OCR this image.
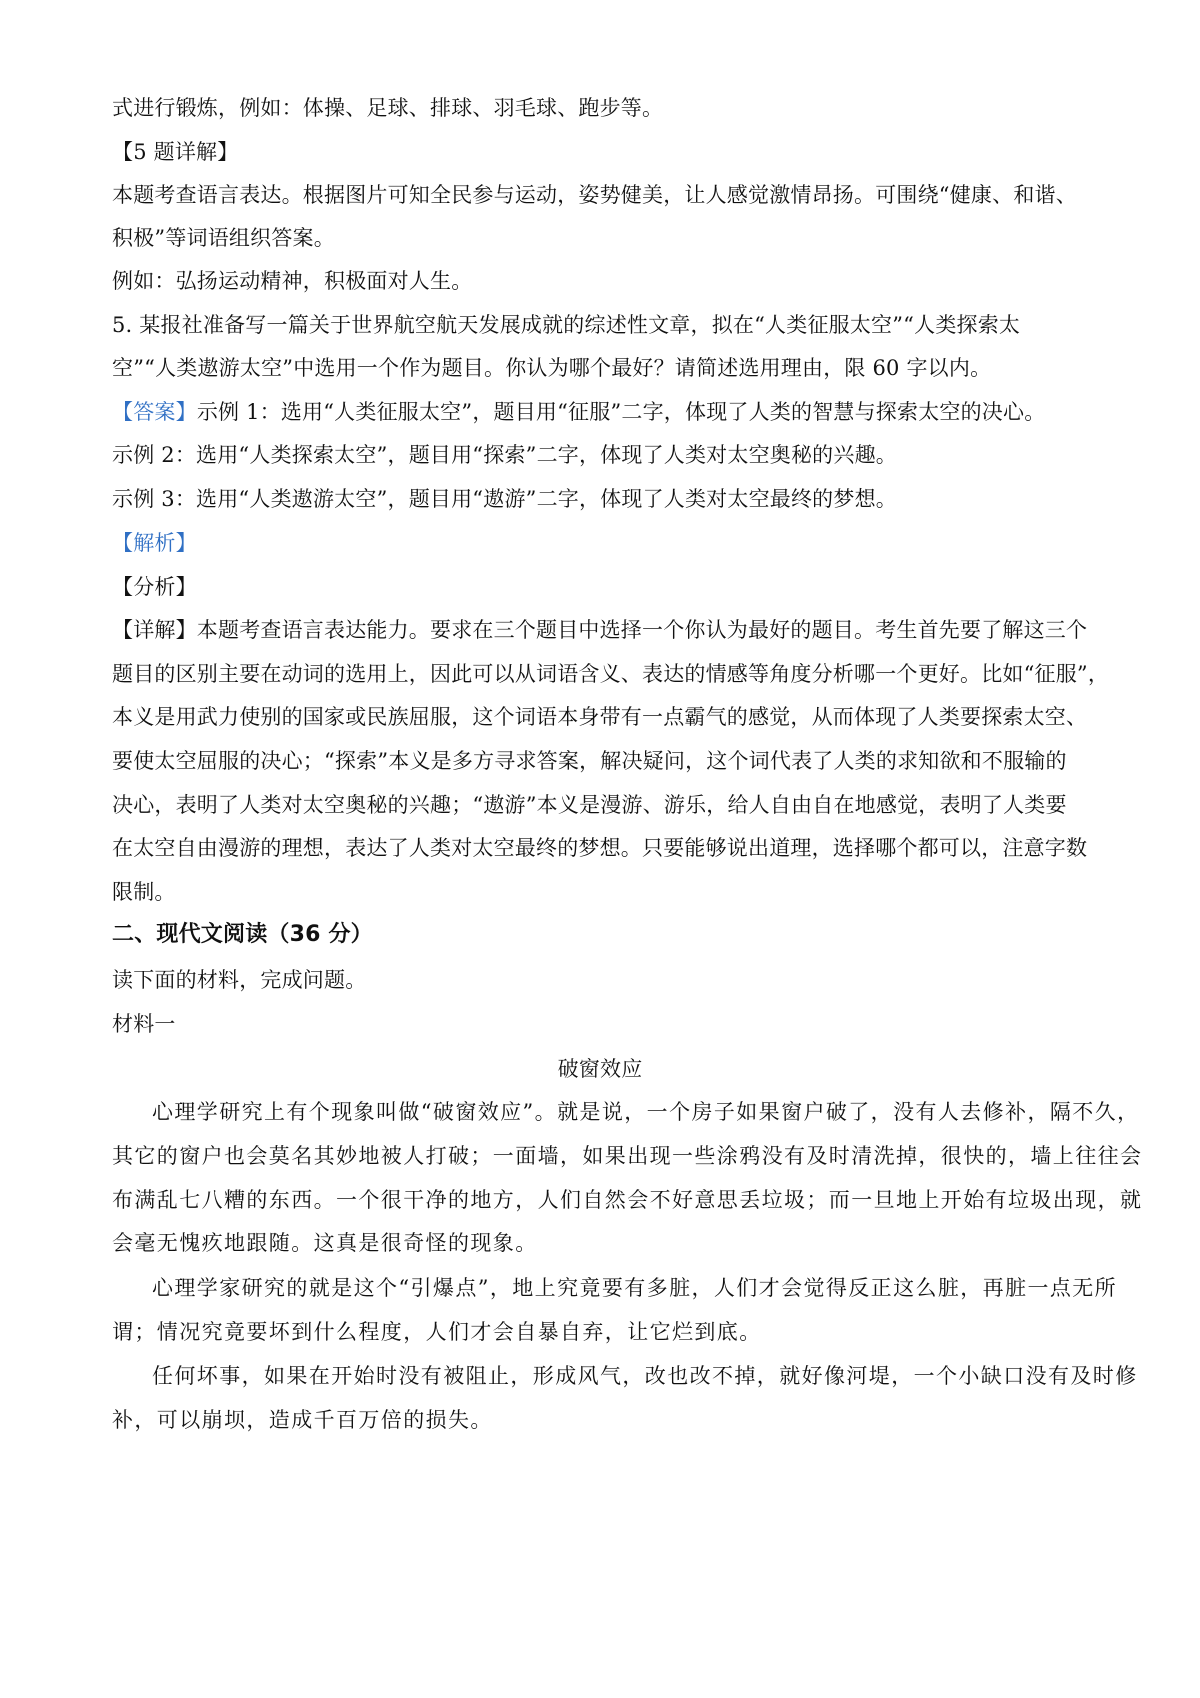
式进行锻炼，例如：体操、足球、排球、羽毛球、跑步等。
【5 题详解】
本题考查语言表达。根据图片可知全民参与运动，姿势健美，让人感觉激情昂扬。可围绕“健康、和谐、
积极”等词语组织答案。
例如：弘扬运动精神，积极面对人生。
5. 某报社准备写一篇关于世界航空航天发展成就的综述性文章，拟在“人类征服太空”“人类探索太
空”“人类遨游太空”中选用一个作为题目。你认为哪个最好？请简述选用理由，限 60 字以内。
【答案】示例 1：选用“人类征服太空”，题目用“征服”二字，体现了人类的智慧与探索太空的决心。
示例 2：选用“人类探索太空”，题目用“探索”二字，体现了人类对太空奥秘的兴趣。
示例 3：选用“人类遨游太空”，题目用“遨游”二字，体现了人类对太空最终的梦想。
【解析】
【分析】
【详解】本题考查语言表达能力。要求在三个题目中选择一个你认为最好的题目。考生首先要了解这三个
题目的区别主要在动词的选用上，因此可以从词语含义、表达的情感等角度分析哪一个更好。比如“征服”，
本义是用武力使别的国家或民族屈服，这个词语本身带有一点霸气的感觉，从而体现了人类要探索太空、
要使太空屈服的决心；“探索”本义是多方寻求答案，解决疑问，这个词代表了人类的求知欲和不服输的
决心，表明了人类对太空奥秘的兴趣；“遨游”本义是漫游、游乐，给人自由自在地感觉，表明了人类要
在太空自由漫游的理想，表达了人类对太空最终的梦想。只要能够说出道理，选择哪个都可以，注意字数
限制。
二、现代文阅读（36 分）
读下面的材料，完成问题。
材料一
破窗效应
心理学研究上有个现象叫做“破窗效应”。就是说，一个房子如果窗户破了，没有人去修补，隔不久，
其它的窗户也会莫名其妙地被人打破；一面墙，如果出现一些涂鸦没有及时清洗掉，很快的，墙上往往会
布满乱七八糟的东西。一个很干净的地方，人们自然会不好意思丢垃圾；而一旦地上开始有垃圾出现，就
会毫无愧疚地跟随。这真是很奇怪的现象。
心理学家研究的就是这个“引爆点”，地上究竟要有多脏，人们才会觉得反正这么脏，再脏一点无所
谓；情况究竟要坏到什么程度，人们才会自暴自弃，让它烂到底。
任何坏事，如果在开始时没有被阻止，形成风气，改也改不掉，就好像河堤，一个小缺口没有及时修
补，可以崩坝，造成千百万倍的损失。
